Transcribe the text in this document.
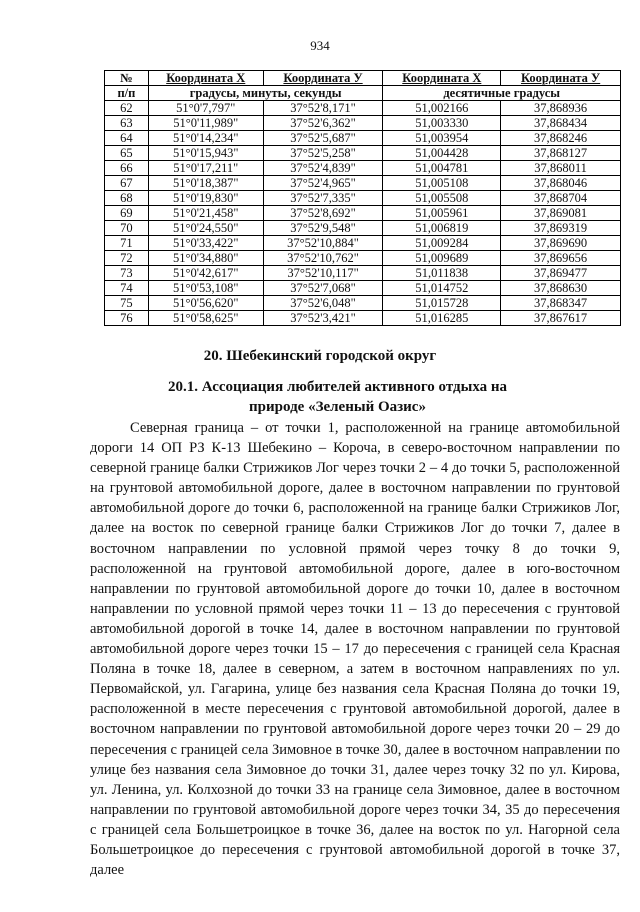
934
№	Координата X	Координата У	Координата X	Координата У
п/п	градусы, минуты, секунды		десятичные градусы	
62	51°0'7,797"	37°52'8,171"	51,002166	37,868936
63	51°0'11,989"	37°52'6,362"	51,003330	37,868434
64	51°0'14,234"	37°52'5,687"	51,003954	37,868246
65	51°0'15,943"	37°52'5,258"	51,004428	37,868127
66	51°0'17,211"	37°52'4,839"	51,004781	37,868011
67	51°0'18,387"	37°52'4,965"	51,005108	37,868046
68	51°0'19,830"	37°52'7,335"	51,005508	37,868704
69	51°0'21,458"	37°52'8,692"	51,005961	37,869081
70	51°0'24,550"	37°52'9,548"	51,006819	37,869319
71	51°0'33,422"	37°52'10,884"	51,009284	37,869690
72	51°0'34,880"	37°52'10,762"	51,009689	37,869656
73	51°0'42,617"	37°52'10,117"	51,011838	37,869477
74	51°0'53,108"	37°52'7,068"	51,014752	37,868630
75	51°0'56,620"	37°52'6,048"	51,015728	37,868347
76	51°0'58,625"	37°52'3,421"	51,016285	37,867617
20. Шебекинский городской округ
20.1. Ассоциация любителей активного отдыха на природе «Зеленый Оазис»

Северная граница – от точки 1, расположенной на границе автомобильной дороги 14 ОП РЗ К-13 Шебекино – Короча, в северо-восточном направлении по северной границе балки Стрижиков Лог через точки 2 – 4 до точки 5, расположенной на грунтовой автомобильной дороге, далее в восточном направлении по грунтовой автомобильной дороге до точки 6, расположенной на границе балки Стрижиков Лог, далее на восток по северной границе балки Стрижиков Лог до точки 7, далее в восточном направлении по условной прямой через точку 8 до точки 9, расположенной на грунтовой автомобильной дороге, далее в юго-восточном направлении по грунтовой автомобильной дороге до точки 10, далее в восточном направлении по условной прямой через точки 11 – 13 до пересечения с грунтовой автомобильной дорогой в точке 14, далее в восточном направлении по грунтовой автомобильной дороге через точки 15 – 17 до пересечения с границей села Красная Поляна в точке 18, далее в северном, а затем в восточном направлениях по ул. Первомайской, ул. Гагарина, улице без названия села Красная Поляна до точки 19, расположенной в месте пересечения с грунтовой автомобильной дорогой, далее в восточном направлении по грунтовой автомобильной дороге через точки 20 – 29 до пересечения с границей села Зимовное в точке 30, далее в восточном направлении по улице без названия села Зимовное до точки 31, далее через точку 32 по ул. Кирова, ул. Ленина, ул. Колхозной до точки 33 на границе села Зимовное, далее в восточном направлении по грунтовой автомобильной дороге через точки 34, 35 до пересечения с границей села Большетроицкое в точке 36, далее на восток по ул. Нагорной села Большетроицкое до пересечения с грунтовой автомобильной дорогой в точке 37, далее
